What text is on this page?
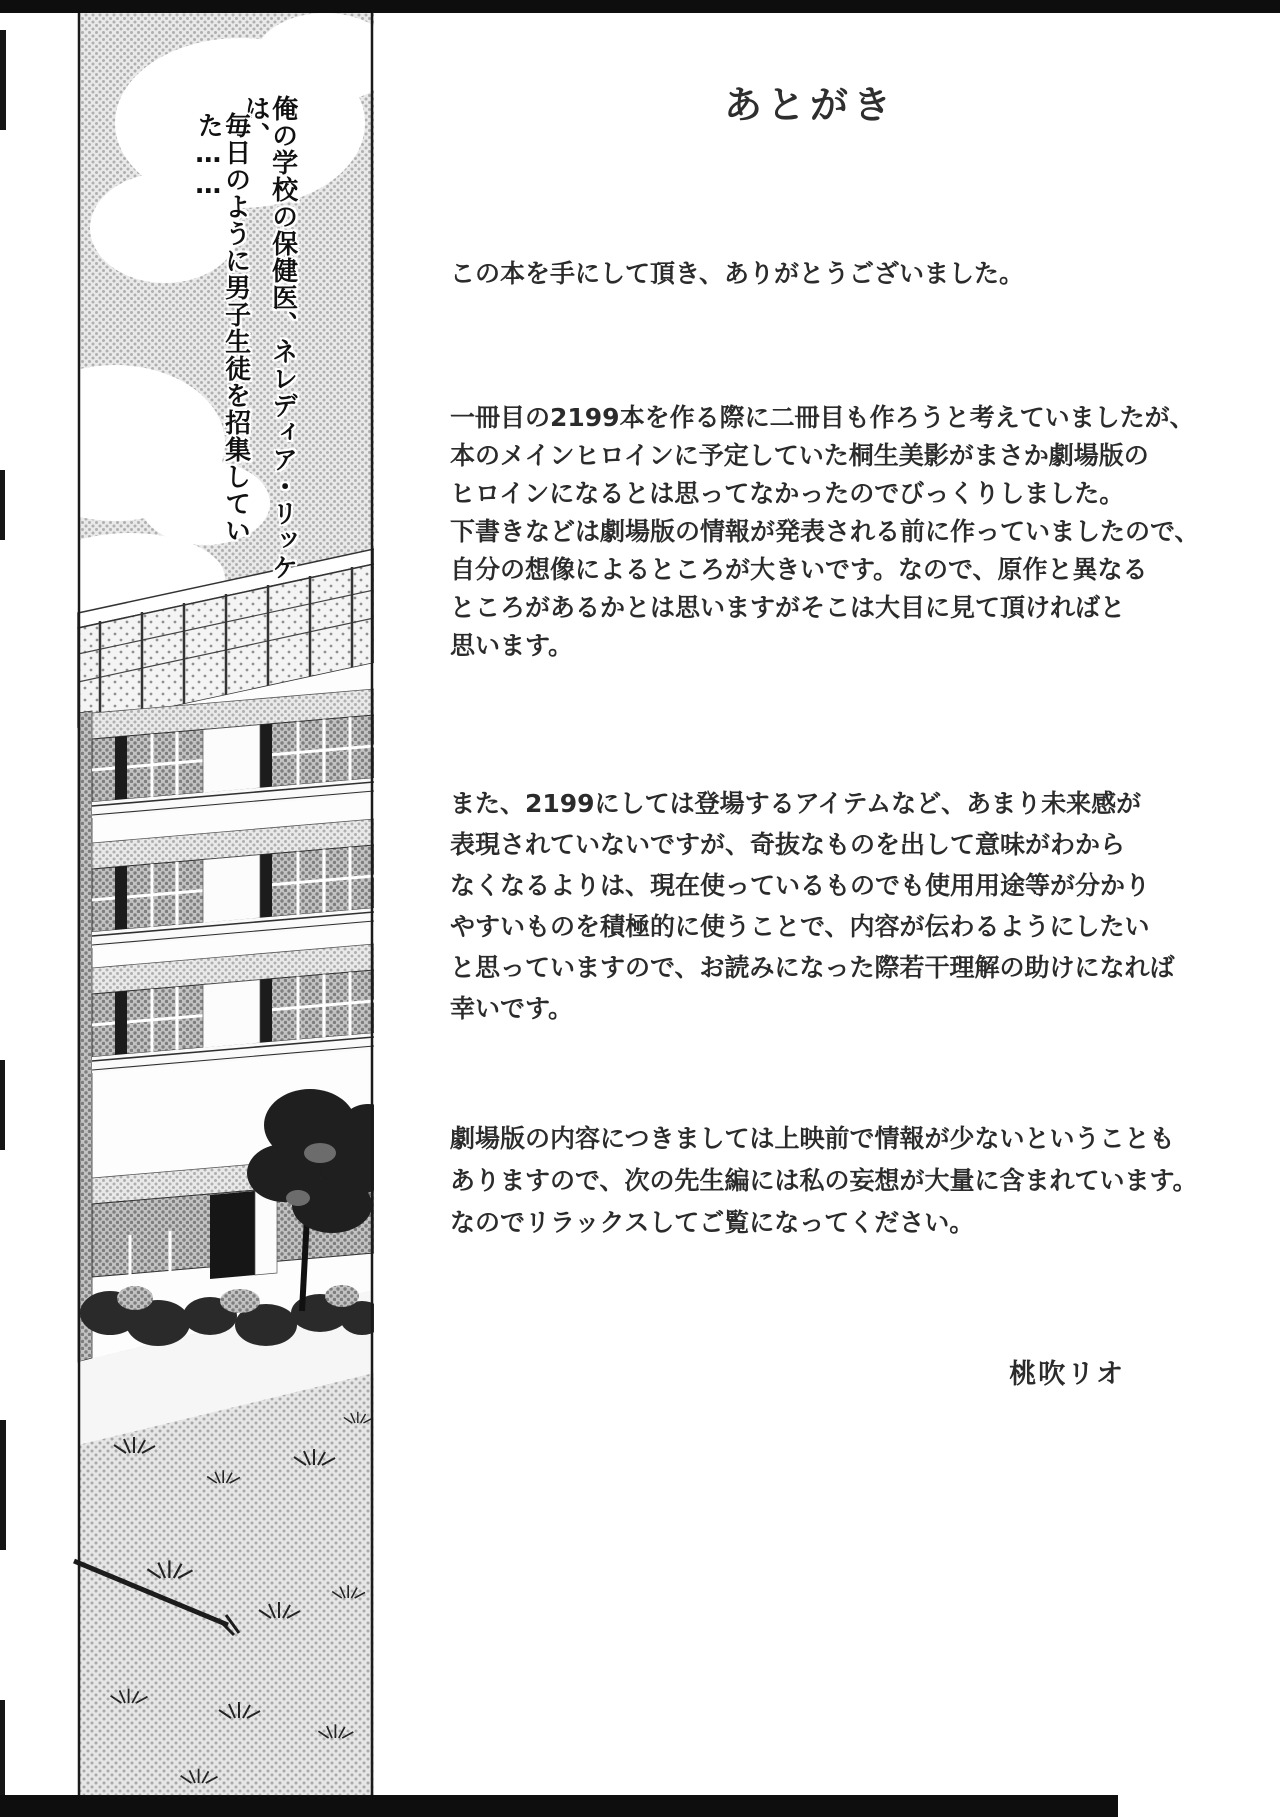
俺の学校の保健医、ネレディア・リッケは、
毎日のように男子生徒を招集していた……
あとがき
この本を手にして頂き、ありがとうございました。
一冊目の2199本を作る際に二冊目も作ろうと考えていましたが、
本のメインヒロインに予定していた桐生美影がまさか劇場版の
ヒロインになるとは思ってなかったのでびっくりしました。
下書きなどは劇場版の情報が発表される前に作っていましたので、
自分の想像によるところが大きいです。なので、原作と異なる
ところがあるかとは思いますがそこは大目に見て頂ければと
思います。
また、2199にしては登場するアイテムなど、あまり未来感が
表現されていないですが、奇抜なものを出して意味がわから
なくなるよりは、現在使っているものでも使用用途等が分かり
やすいものを積極的に使うことで、内容が伝わるようにしたい
と思っていますので、お読みになった際若干理解の助けになれば
幸いです。
劇場版の内容につきましては上映前で情報が少ないということも
ありますので、次の先生編には私の妄想が大量に含まれています。
なのでリラックスしてご覧になってください。
桃吹リオ
